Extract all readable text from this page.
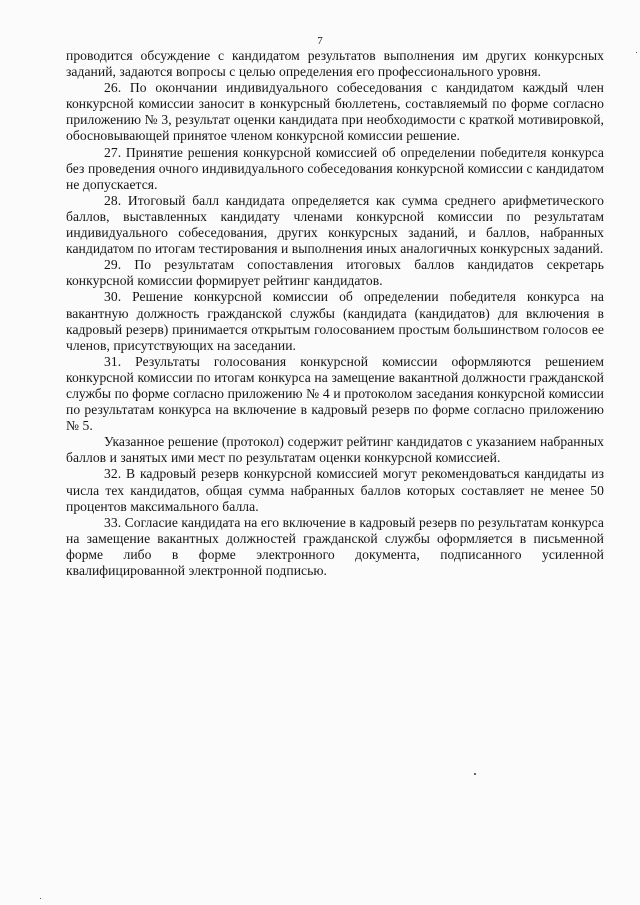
7

проводится обсуждение с кандидатом результатов выполнения им других конкурсных заданий, задаются вопросы с целью определения его профессионального уровня.

26. По окончании индивидуального собеседования с кандидатом каждый член конкурсной комиссии заносит в конкурсный бюллетень, составляемый по форме согласно приложению № 3, результат оценки кандидата при необходимости с краткой мотивировкой, обосновывающей принятое членом конкурсной комиссии решение.

27. Принятие решения конкурсной комиссией об определении победителя конкурса без проведения очного индивидуального собеседования конкурсной комиссии с кандидатом не допускается.

28. Итоговый балл кандидата определяется как сумма среднего арифметического баллов, выставленных кандидату членами конкурсной комиссии по результатам индивидуального собеседования, других конкурсных заданий, и баллов, набранных кандидатом по итогам тестирования и выполнения иных аналогичных конкурсных заданий.

29. По результатам сопоставления итоговых баллов кандидатов секретарь конкурсной комиссии формирует рейтинг кандидатов.

30. Решение конкурсной комиссии об определении победителя конкурса на вакантную должность гражданской службы (кандидата (кандидатов) для включения в кадровый резерв) принимается открытым голосованием простым большинством голосов ее членов, присутствующих на заседании.

31. Результаты голосования конкурсной комиссии оформляются решением конкурсной комиссии по итогам конкурса на замещение вакантной должности гражданской службы по форме согласно приложению № 4 и протоколом заседания конкурсной комиссии по результатам конкурса на включение в кадровый резерв по форме согласно приложению № 5.

Указанное решение (протокол) содержит рейтинг кандидатов с указанием набранных баллов и занятых ими мест по результатам оценки конкурсной комиссией.

32. В кадровый резерв конкурсной комиссией могут рекомендоваться кандидаты из числа тех кандидатов, общая сумма набранных баллов которых составляет не менее 50 процентов максимального балла.

33. Согласие кандидата на его включение в кадровый резерв по результатам конкурса на замещение вакантных должностей гражданской службы оформляется в письменной форме либо в форме электронного документа, подписанного усиленной квалифицированной электронной подписью.
